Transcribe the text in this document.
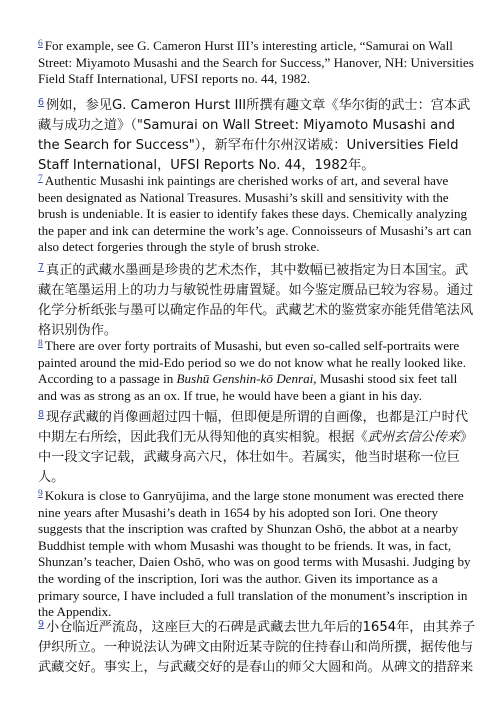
$^6$ For example, see G. Cameron Hurst III’s interesting article, “Samurai on Wall Street: Miyamoto Musashi and the Search for Success,” Hanover, NH: Universities Field Staff International, UFSI reports no. 44, 1982.

$^6$ 例如，参见G. Cameron Hurst III所撰有趣文章《华尔街的武士：宫本武藏与成功之道》（"Samurai on Wall Street: Miyamoto Musashi and the Search for Success"），新罕布什尔州汉诺威：Universities Field Staff International，UFSI Reports No. 44，1982年。

$^7$ Authentic Musashi ink paintings are cherished works of art, and several have been designated as National Treasures. Musashi’s skill and sensitivity with the brush is undeniable. It is easier to identify fakes these days. Chemically analyzing the paper and ink can determine the work’s age. Connoisseurs of Musashi’s art can also detect forgeries through the style of brush stroke.

$^7$ 真正的武藏水墨画是珍贵的艺术杰作，其中数幅已被指定为日本国宝。武藏在笔墨运用上的功力与敏锐性毋庸置疑。如今鉴定赝品已较为容易。通过化学分析纸张与墨可以确定作品的年代。武藏艺术的鉴赏家亦能凭借笔法风格识别伪作。

$^8$ There are over forty portraits of Musashi, but even so-called self-portraits were painted around the mid-Edo period so we do not know what he really looked like. According to a passage in Bushū Genshin-kō Denrai, Musashi stood six feet tall and was as strong as an ox. If true, he would have been a giant in his day.

$^8$ 现存武藏的肖像画超过四十幅，但即便是所谓的自画像，也都是江户时代中期左右所绘，因此我们无从得知他的真实相貌。根据《武州玄信公传来》中一段文字记载，武藏身高六尺，体壮如牛。若属实，他当时堪称一位巨人。

$^9$ Kokura is close to Ganryūjima, and the large stone monument was erected there nine years after Musashi’s death in 1654 by his adopted son Iori. One theory suggests that the inscription was crafted by Shunzan Oshō, the abbot at a nearby Buddhist temple with whom Musashi was thought to be friends. It was, in fact, Shunzan’s teacher, Daien Oshō, who was on good terms with Musashi. Judging by the wording of the inscription, Iori was the author. Given its importance as a primary source, I have included a full translation of the monument’s inscription in the Appendix.

$^9$ 小仓临近严流岛，这座巨大的石碑是武藏去世九年后的1654年，由其养子伊织所立。一种说法认为碑文由附近某寺院的住持春山和尚所撰，据传他与武藏交好。事实上，与武藏交好的是春山的师父大圆和尚。从碑文的措辞来
